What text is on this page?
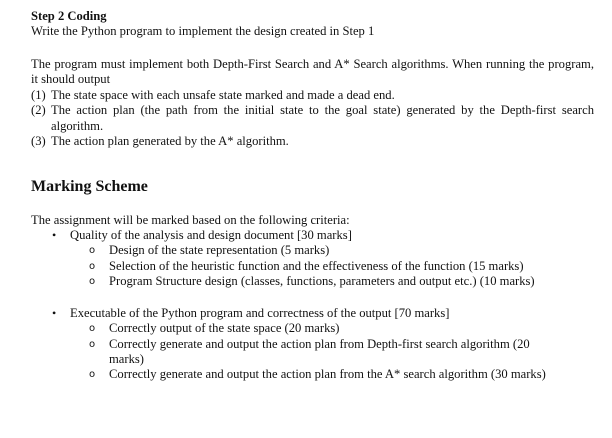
Step 2 Coding
Write the Python program to implement the design created in Step 1
The program must implement both Depth-First Search and A* Search algorithms. When running the program, it should output
(1) The state space with each unsafe state marked and made a dead end.
(2) The action plan (the path from the initial state to the goal state) generated by the Depth-first search algorithm.
(3) The action plan generated by the A* algorithm.
Marking Scheme
The assignment will be marked based on the following criteria:
•	Quality of the analysis and design document [30 marks]
o	Design of the state representation (5 marks)
o	Selection of the heuristic function and the effectiveness of the function (15 marks)
o	Program Structure design (classes, functions, parameters and output etc.) (10 marks)
•	Executable of the Python program and correctness of the output [70 marks]
o	Correctly output of the state space (20 marks)
o	Correctly generate and output the action plan from Depth-first search algorithm (20 marks)
o	Correctly generate and output the action plan from the A* search algorithm (30 marks)
